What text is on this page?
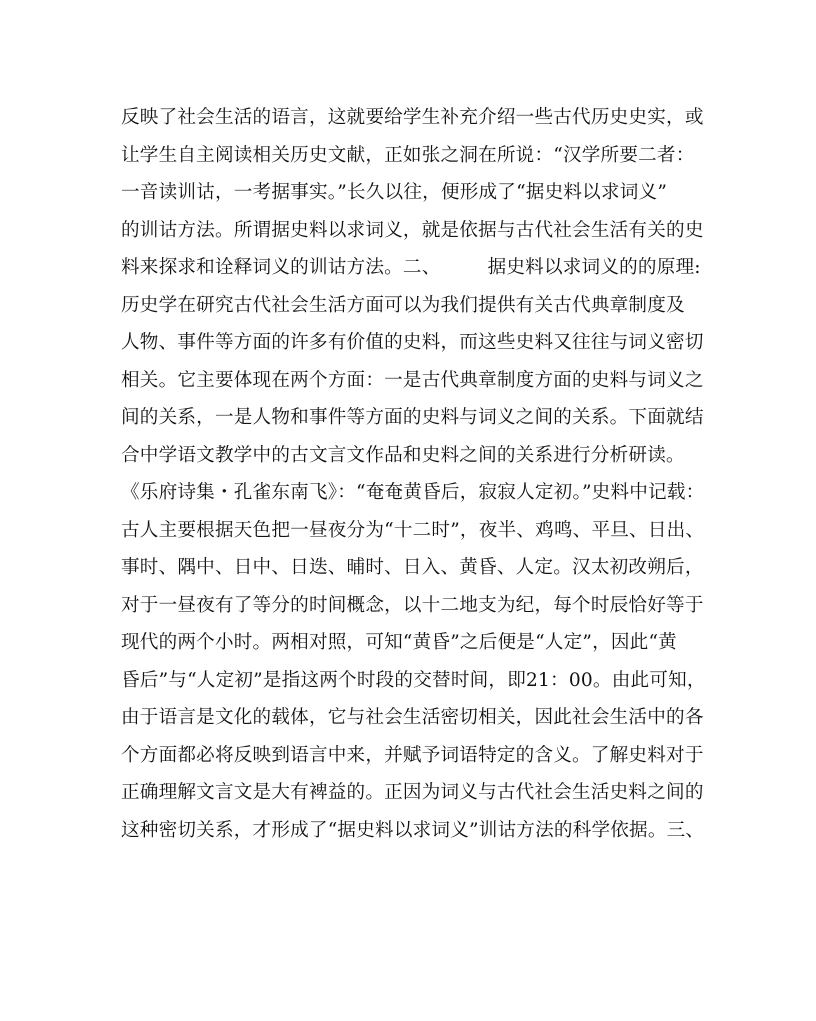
反映了社会生活的语言，这就要给学生补充介绍一些古代历史史实，或
让学生自主阅读相关历史文献，正如张之洞在所说：“汉学所要二者：
一音读训诂，一考据事实。”长久以往，便形成了“据史料以求词义”
的训诂方法。所谓据史料以求词义，就是依据与古代社会生活有关的史
料来探求和诠释词义的训诂方法。二、　　　据史料以求词义的的原理:
历史学在研究古代社会生活方面可以为我们提供有关古代典章制度及
人物、事件等方面的许多有价值的史料，而这些史料又往往与词义密切
相关。它主要体现在两个方面：一是古代典章制度方面的史料与词义之
间的关系，一是人物和事件等方面的史料与词义之间的关系。下面就结
合中学语文教学中的古文言文作品和史料之间的关系进行分析研读。
《乐府诗集・孔雀东南飞》：“奄奄黄昏后，寂寂人定初。”史料中记载：
古人主要根据天色把一昼夜分为“十二时”，夜半、鸡鸣、平旦、日出、
事时、隅中、日中、日迭、晡时、日入、黄昏、人定。汉太初改朔后，
对于一昼夜有了等分的时间概念，以十二地支为纪，每个时辰恰好等于
现代的两个小时。两相对照，可知“黄昏”之后便是“人定”，因此“黄
昏后”与“人定初”是指这两个时段的交替时间，即21：00。由此可知，
由于语言是文化的载体，它与社会生活密切相关，因此社会生活中的各
个方面都必将反映到语言中来，并赋予词语特定的含义。了解史料对于
正确理解文言文是大有裨益的。正因为词义与古代社会生活史料之间的
这种密切关系，才形成了“据史料以求词义”训诂方法的科学依据。三、
